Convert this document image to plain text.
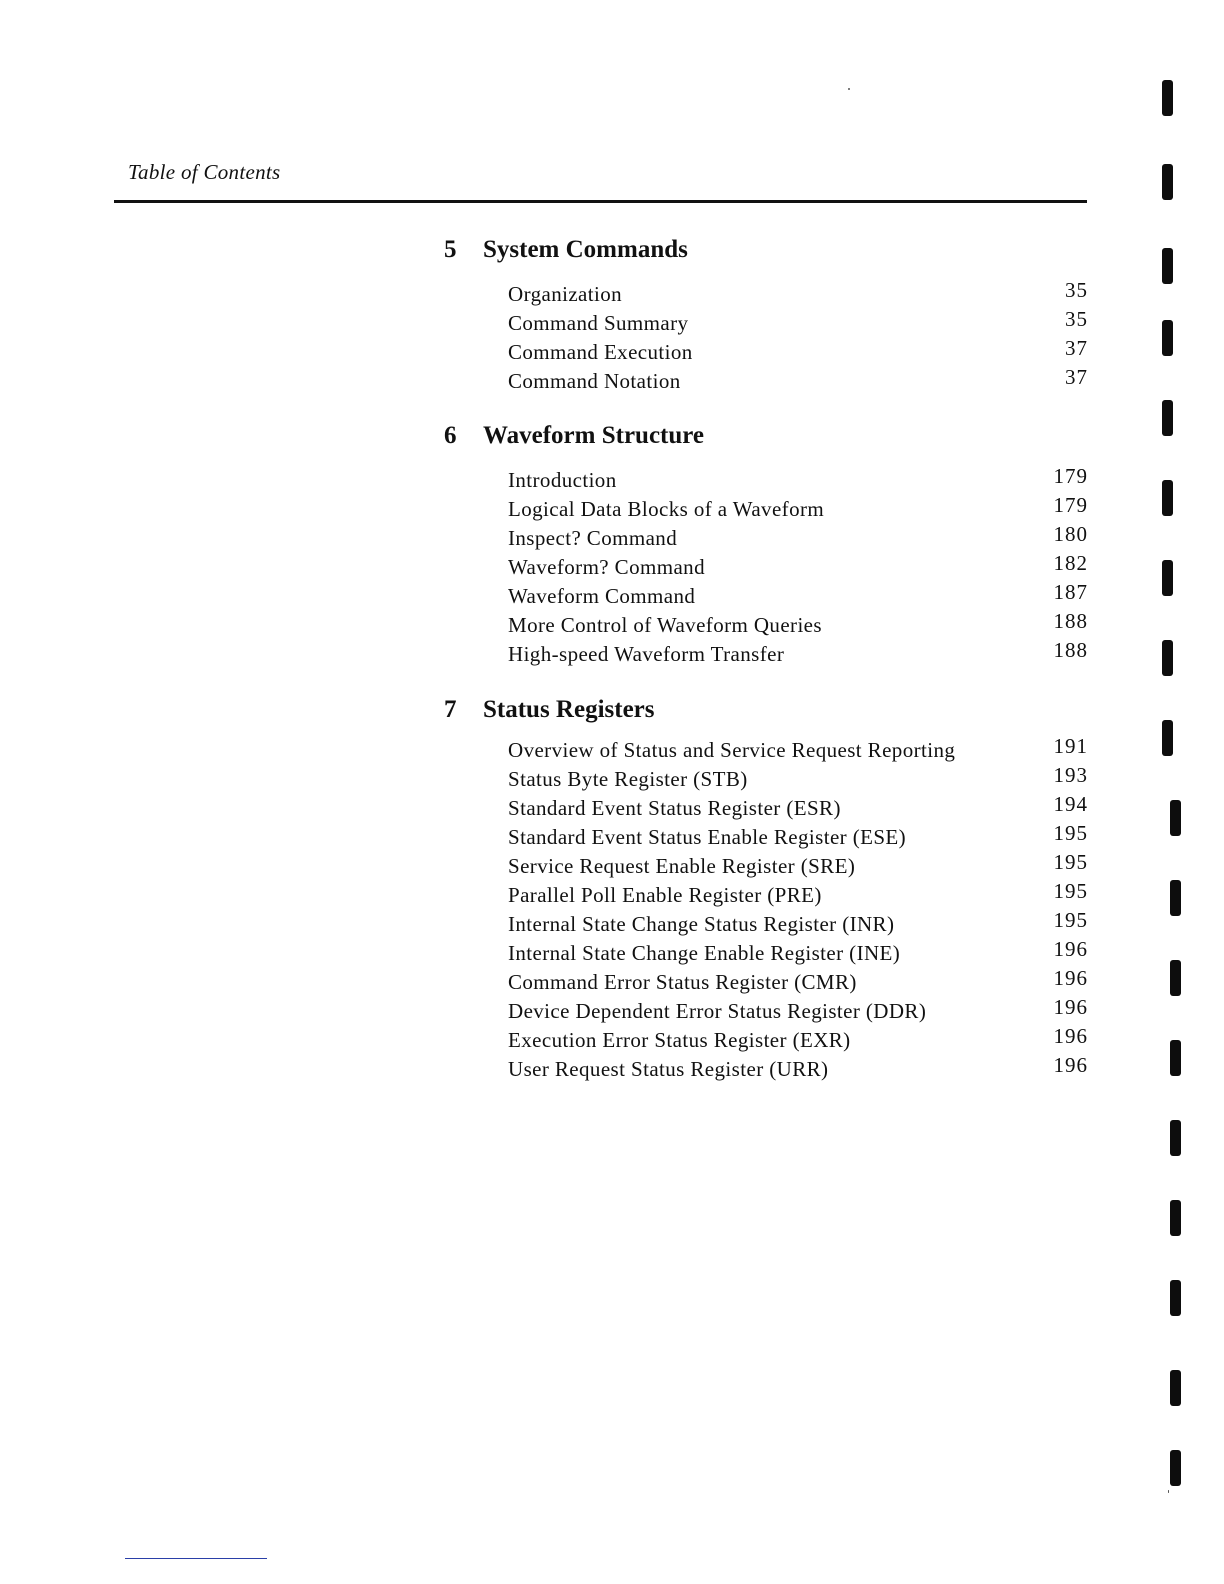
Table of Contents
5 System Commands
Organization	35
Command Summary	35
Command Execution	37
Command Notation	37
6 Waveform Structure
Introduction	179
Logical Data Blocks of a Waveform	179
Inspect? Command	180
Waveform? Command	182
Waveform Command	187
More Control of Waveform Queries	188
High-speed Waveform Transfer	188
7 Status Registers
Overview of Status and Service Request Reporting	191
Status Byte Register (STB)	193
Standard Event Status Register (ESR)	194
Standard Event Status Enable Register (ESE)	195
Service Request Enable Register (SRE)	195
Parallel Poll Enable Register (PRE)	195
Internal State Change Status Register (INR)	195
Internal State Change Enable Register (INE)	196
Command Error Status Register (CMR)	196
Device Dependent Error Status Register (DDR)	196
Execution Error Status Register (EXR)	196
User Request Status Register (URR)	196
